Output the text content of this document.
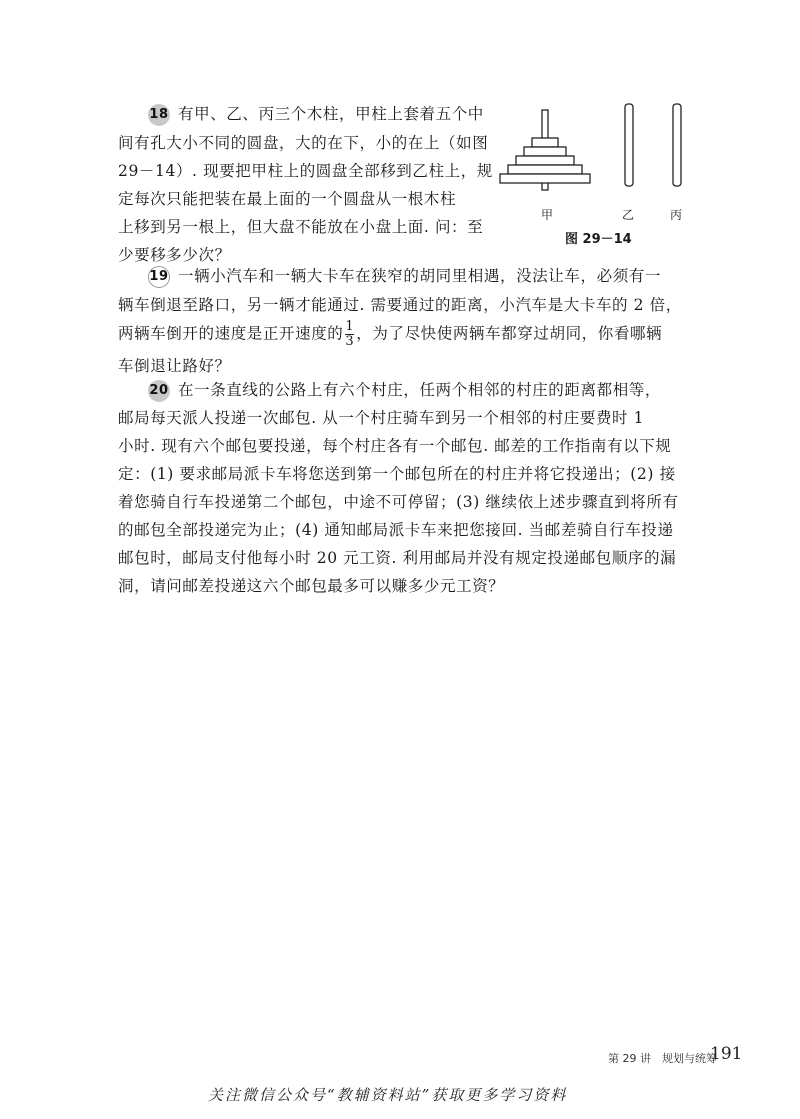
18 有甲、乙、丙三个木柱，甲柱上套着五个中
间有孔大小不同的圆盘，大的在下，小的在上（如图
29－14）. 现要把甲柱上的圆盘全部移到乙柱上，规
定每次只能把装在最上面的一个圆盘从一根木柱
上移到另一根上，但大盘不能放在小盘上面. 问：至
少要移多少次？
甲	乙	丙
图 29－14
19 一辆小汽车和一辆大卡车在狭窄的胡同里相遇，没法让车，必须有一
辆车倒退至路口，另一辆才能通过. 需要通过的距离，小汽车是大卡车的 2 倍，
两辆车倒开的速度是正开速度的 $\frac{1}{3}$ ，为了尽快使两辆车都穿过胡同，你看哪辆
车倒退让路好？
20 在一条直线的公路上有六个村庄，任两个相邻的村庄的距离都相等，
邮局每天派人投递一次邮包. 从一个村庄骑车到另一个相邻的村庄要费时 1
小时. 现有六个邮包要投递，每个村庄各有一个邮包. 邮差的工作指南有以下规
定：(1) 要求邮局派卡车将您送到第一个邮包所在的村庄并将它投递出；(2) 接
着您骑自行车投递第二个邮包，中途不可停留；(3) 继续依上述步骤直到将所有
的邮包全部投递完为止；(4) 通知邮局派卡车来把您接回. 当邮差骑自行车投递
邮包时，邮局支付他每小时 20 元工资. 利用邮局并没有规定投递邮包顺序的漏
洞，请问邮差投递这六个邮包最多可以赚多少元工资？
第 29 讲　规划与统筹
191
关注微信公众号“教辅资料站”获取更多学习资料
